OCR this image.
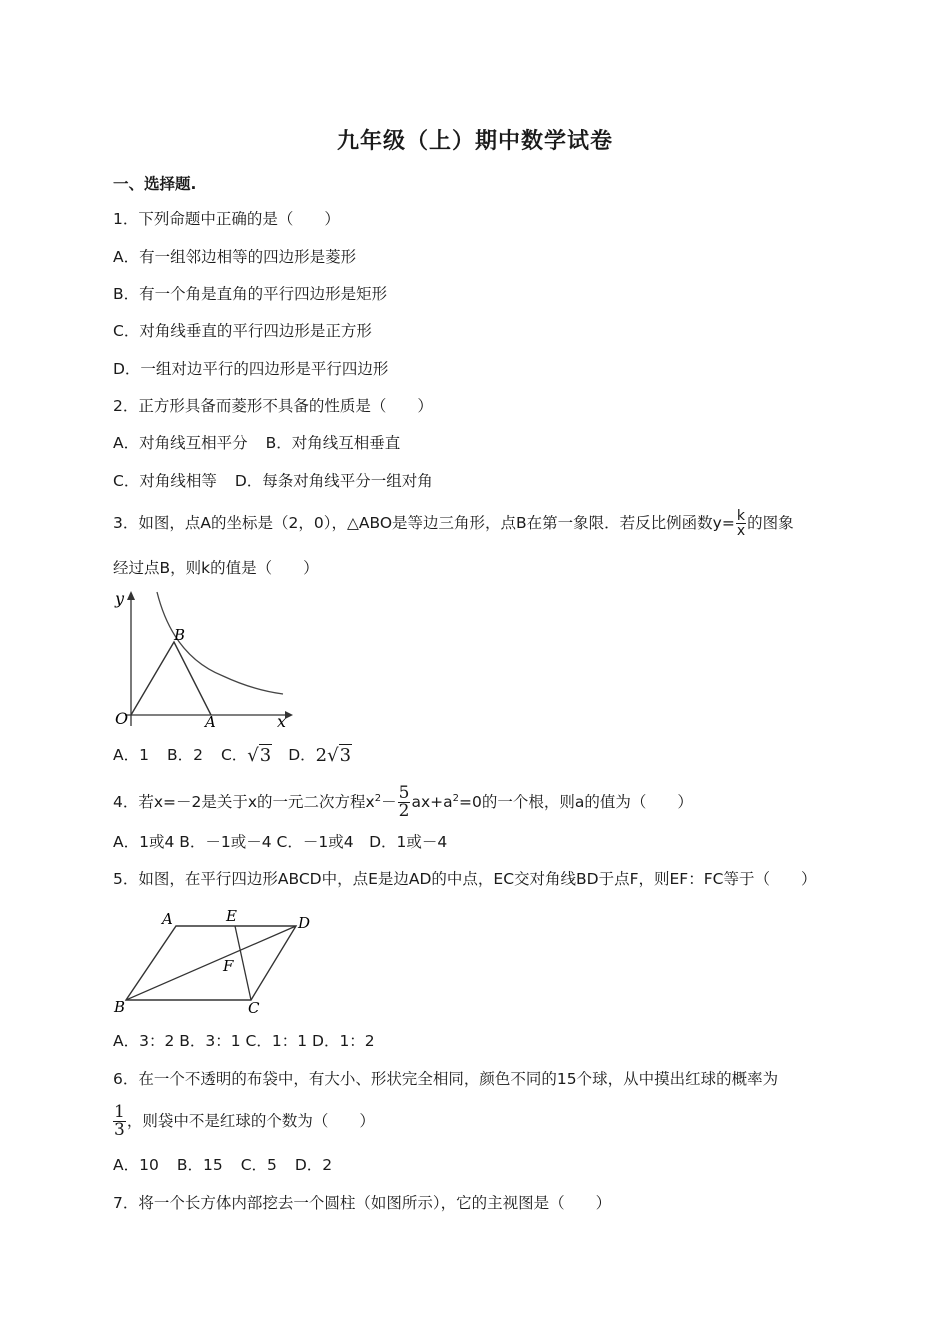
九年级（上）期中数学试卷
一、选择题.
1．下列命题中正确的是（　　）
A．有一组邻边相等的四边形是菱形
B．有一个角是直角的平行四边形是矩形
C．对角线垂直的平行四边形是正方形
D．一组对边平行的四边形是平行四边形
2．正方形具备而菱形不具备的性质是（　　）
A．对角线互相平分 B．对角线互相垂直
C．对角线相等 D．每条对角线平分一组对角
3．如图，点A的坐标是（2，0），△ABO是等边三角形，点B在第一象限．若反比例函数$y= \frac{k}{x}$ 的图象
经过点B，则k的值是（　　）
y
B
O	A	x
A．1 B．2 C．√3 D．2√3
4．若x=－2是关于x的一元二次方程$x^2- \frac{5}{2} ax+a^2=0$的一个根，则a的值为（　　）
A．1或4 B．－1或－4 C．－1或4　D．1或－4
5．如图，在平行四边形ABCD中，点E是边AD的中点，EC交对角线BD于点F，则EF：FC等于（　　）
A	E	D
F
B	C
A．3：2 B．3：1 C．1：1 D．1：2
6．在一个不透明的布袋中，有大小、形状完全相同，颜色不同的15个球，从中摸出红球的概率为
$\frac{1}{3}$ ，则袋中不是红球的个数为（　　）
A．10 B．15 C．5 D．2
7．将一个长方体内部挖去一个圆柱（如图所示），它的主视图是（　　）
